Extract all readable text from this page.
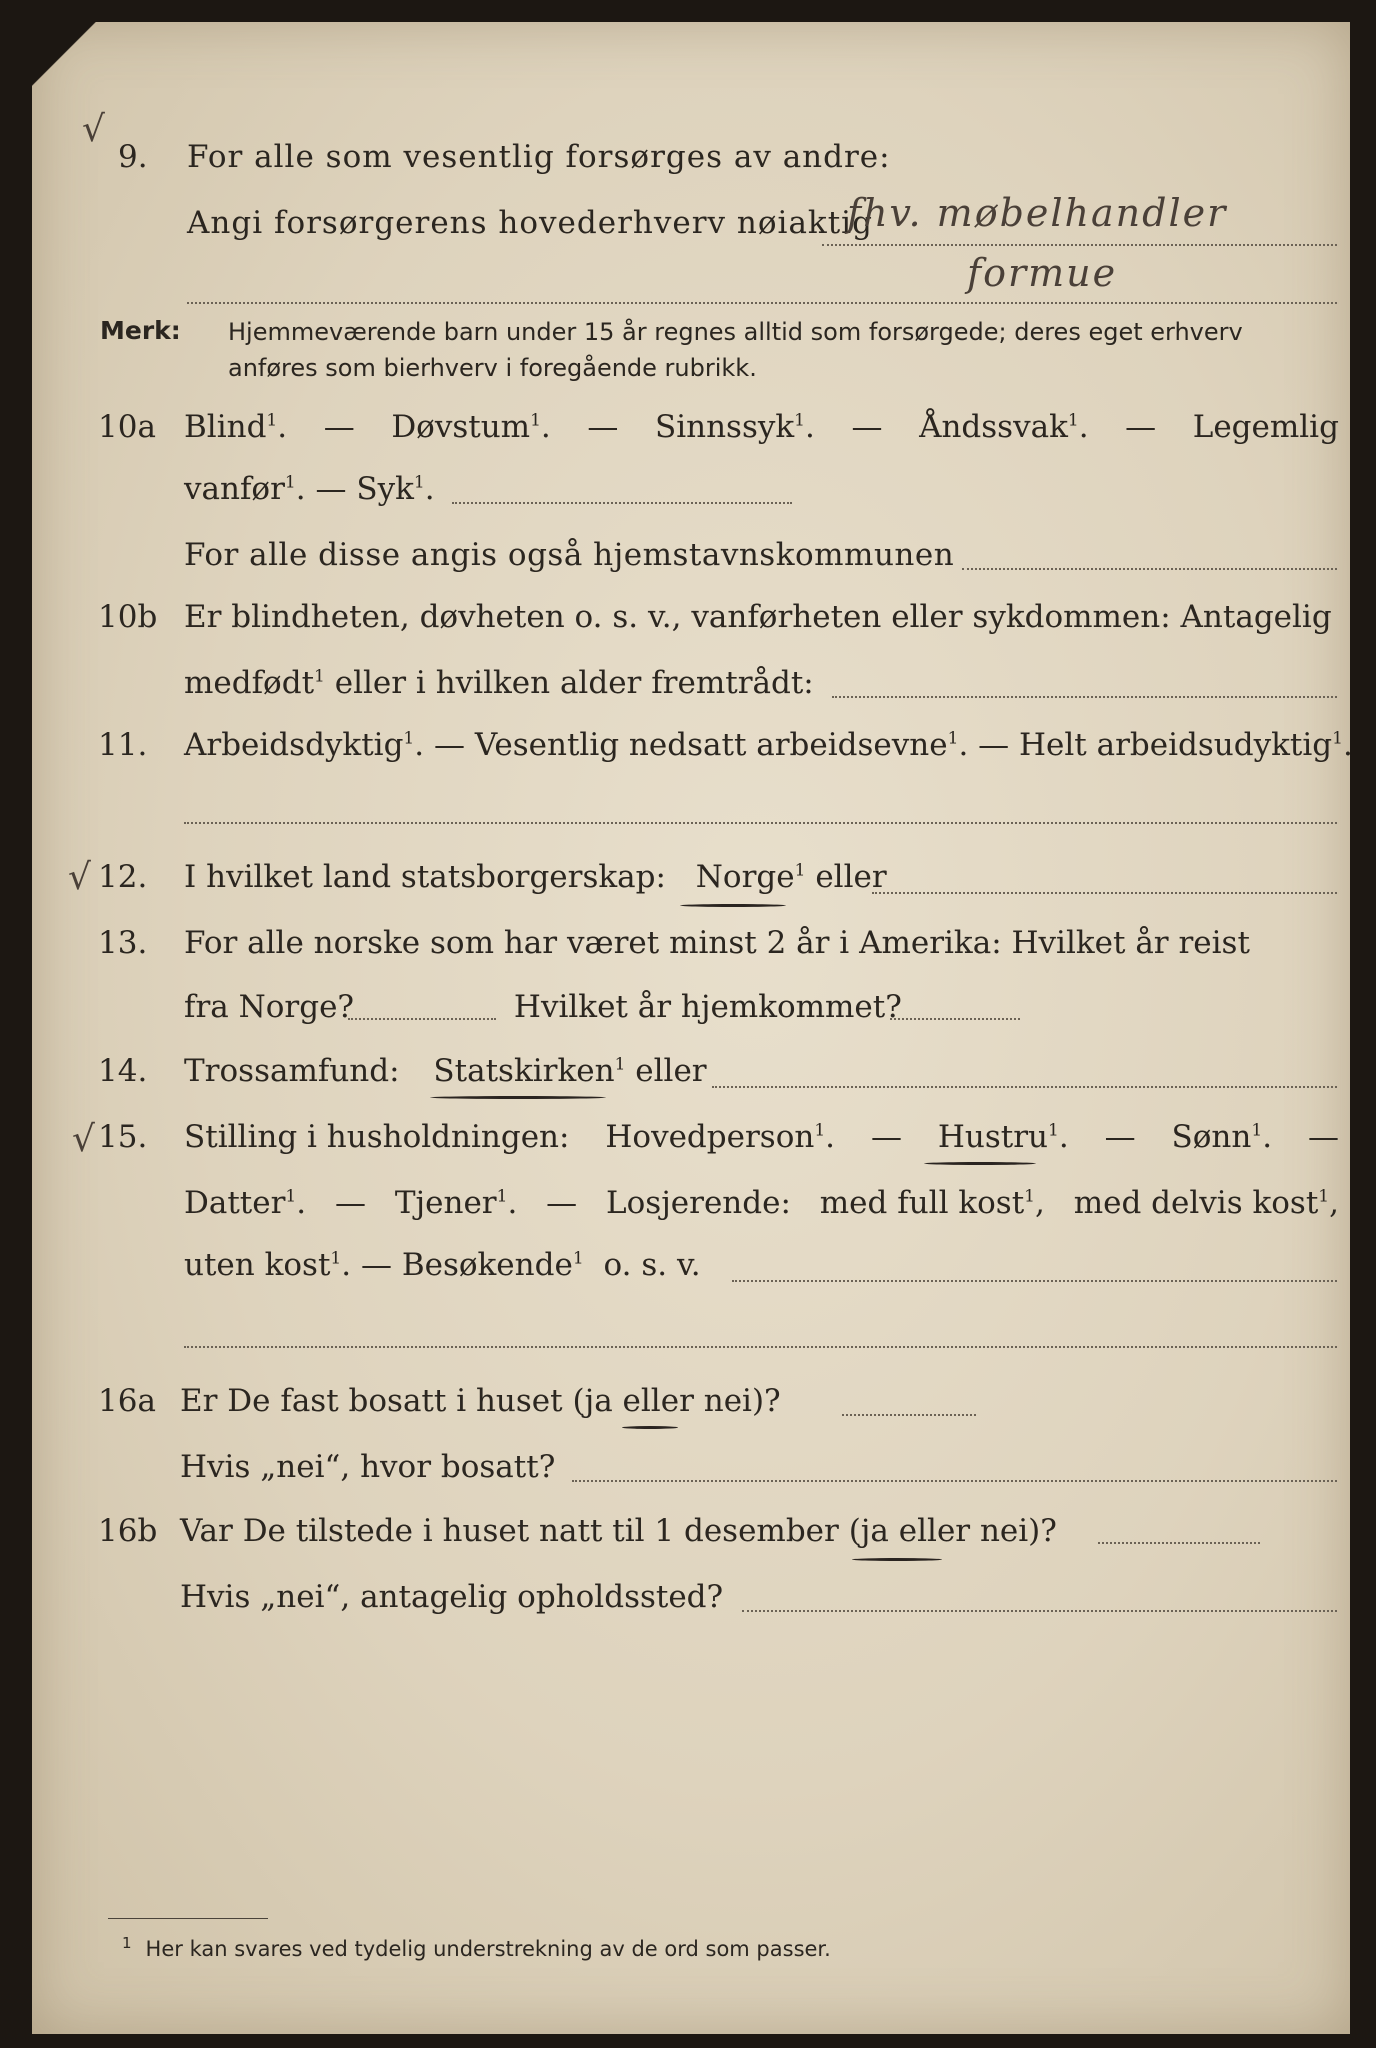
√
√
√
9. For alle som vesentlig forsørges av andre:
Angi forsørgerens hovederhverv nøiaktig
fhv. møbelhandler
formue
Merk: Hjemmeværende barn under 15 år regnes alltid som forsørgede; deres eget erhverv
anføres som bierhverv i foregående rubrikk.
10a Blind$^1$. — Døvstum$^1$. — Sinnssyk$^1$. — Åndssvak$^1$. — Legemlig
vanfør$^1$. — Syk$^1$.
For alle disse angis også hjemstavnskommunen
10b Er blindheten, døvheten o. s. v., vanførheten eller sykdommen: Antagelig
medfødt$^1$ eller i hvilken alder fremtrådt:
11. Arbeidsdyktig$^1$. — Vesentlig nedsatt arbeidsevne$^1$. — Helt arbeidsudyktig$^1$.
12. I hvilket land statsborgerskap: Norge$^1$ eller
13. For alle norske som har været minst 2 år i Amerika: Hvilket år reist
fra Norge?	Hvilket år hjemkommet?
14. Trossamfund: Statskirken$^1$ eller
15. Stilling i husholdningen: Hovedperson$^1$. — Hustru$^1$. — Sønn$^1$. —
Datter$^1$. — Tjener$^1$. — Losjerende: med full kost$^1$, med delvis kost$^1$,
uten kost$^1$. — Besøkende$^1$ o. s. v.
16a Er De fast bosatt i huset (ja eller nei)?
Hvis „nei“, hvor bosatt?
16b Var De tilstede i huset natt til 1 desember (ja eller nei)?
Hvis „nei“, antagelig opholdssted?
$^1$ Her kan svares ved tydelig understrekning av de ord som passer.
